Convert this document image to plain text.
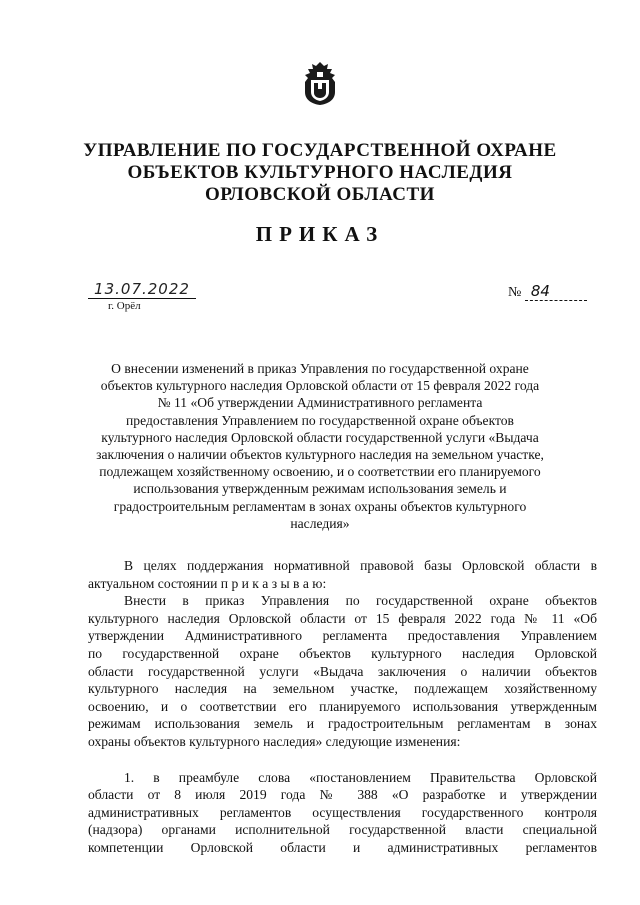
УПРАВЛЕНИЕ ПО ГОСУДАРСТВЕННОЙ ОХРАНЕ
ОБЪЕКТОВ КУЛЬТУРНОГО НАСЛЕДИЯ
ОРЛОВСКОЙ ОБЛАСТИ
ПРИКАЗ
13.07.2022
г. Орёл
№ 84
О внесении изменений в приказ Управления по государственной охране
объектов культурного наследия Орловской области от 15 февраля 2022 года
№ 11 «Об утверждении Административного регламента
предоставления Управлением по государственной охране объектов
культурного наследия Орловской области государственной услуги «Выдача
заключения о наличии объектов культурного наследия на земельном участке,
подлежащем хозяйственному освоению, и о соответствии его планируемого
использования утвержденным режимам использования земель и
градостроительным регламентам в зонах охраны объектов культурного
наследия»
В целях поддержания нормативной правовой базы Орловской области в
актуальном состоянии п р и к а з ы в а ю:
Внести в приказ Управления по государственной охране объектов
культурного наследия Орловской области от 15 февраля 2022 года № 11 «Об
утверждении Административного регламента предоставления Управлением
по государственной охране объектов культурного наследия Орловской
области государственной услуги «Выдача заключения о наличии объектов
культурного наследия на земельном участке, подлежащем хозяйственному
освоению, и о соответствии его планируемого использования утвержденным
режимам использования земель и градостроительным регламентам в зонах
охраны объектов культурного наследия» следующие изменения:
1. в преамбуле слова «постановлением Правительства Орловской
области от 8 июля 2019 года № 388 «О разработке и утверждении
административных регламентов осуществления государственного контроля
(надзора) органами исполнительной государственной власти специальной
компетенции Орловской области и административных регламентов
